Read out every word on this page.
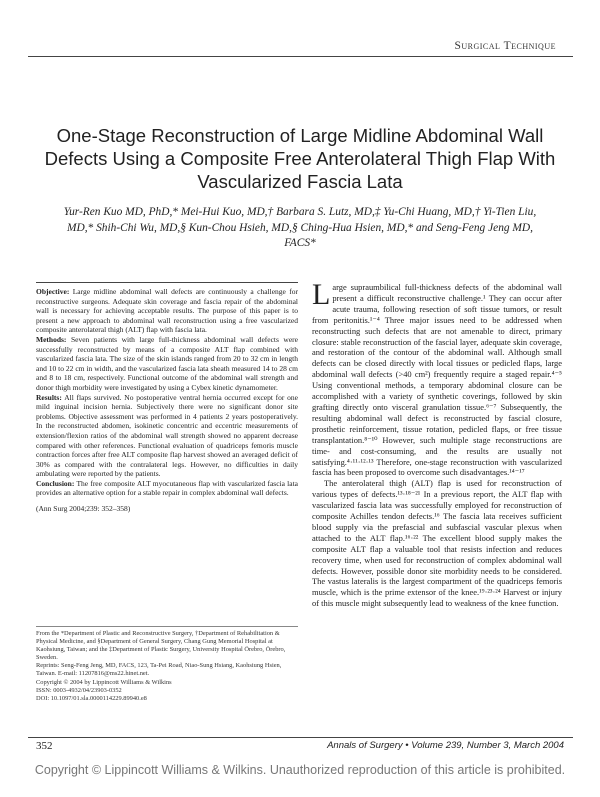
Surgical Technique
One-Stage Reconstruction of Large Midline Abdominal Wall Defects Using a Composite Free Anterolateral Thigh Flap With Vascularized Fascia Lata
Yur-Ren Kuo MD, PhD,* Mei-Hui Kuo, MD,† Barbara S. Lutz, MD,‡ Yu-Chi Huang, MD,† Yi-Tien Liu, MD,* Shih-Chi Wu, MD,§ Kun-Chou Hsieh, MD,§ Ching-Hua Hsien, MD,* and Seng-Feng Jeng MD, FACS*

Objective: Large midline abdominal wall defects are continuously a challenge for reconstructive surgeons. Adequate skin coverage and fascia repair of the abdominal wall is necessary for achieving acceptable results. The purpose of this paper is to present a new approach to abdominal wall reconstruction using a free vascularized composite anterolateral thigh (ALT) flap with fascia lata.

Methods: Seven patients with large full-thickness abdominal wall defects were successfully reconstructed by means of a composite ALT flap combined with vascularized fascia lata. The size of the skin islands ranged from 20 to 32 cm in length and 10 to 22 cm in width, and the vascularized fascia lata sheath measured 14 to 28 cm and 8 to 18 cm, respectively. Functional outcome of the abdominal wall strength and donor thigh morbidity were investigated by using a Cybex kinetic dynamometer.

Results: All flaps survived. No postoperative ventral hernia occurred except for one mild inguinal incision hernia. Subjectively there were no significant donor site problems. Objective assessment was performed in 4 patients 2 years postoperatively. In the reconstructed abdomen, isokinetic concentric and eccentric measurements of extension/flexion ratios of the abdominal wall strength showed no apparent decrease compared with other references. Functional evaluation of quadriceps femoris muscle contraction forces after free ALT composite flap harvest showed an averaged deficit of 30% as compared with the contralateral legs. However, no difficulties in daily ambulating were reported by the patients.

Conclusion: The free composite ALT myocutaneous flap with vascularized fascia lata provides an alternative option for a stable repair in complex abdominal wall defects.

(Ann Surg 2004;239: 352–358)

From the *Department of Plastic and Reconstructive Surgery, †Department of Rehabilitation & Physical Medicine, and §Department of General Surgery, Chang Gung Memorial Hospital at Kaohsiung, Taiwan; and the ‡Department of Plastic Surgery, University Hospital Örebro, Örebro, Sweden.

Reprints: Seng-Feng Jeng, MD, FACS, 123, Ta-Pei Road, Niao-Sung Hsiang, Kaohsiung Hsien, Taiwan. E-mail: 11207816@ms22.hinet.net.

Copyright © 2004 by Lippincott Williams & Wilkins

ISSN: 0003-4932/04/23903-0352

DOI: 10.1097/01.sla.0000114229.89940.e8

Large supraumbilical full-thickness defects of the abdominal wall present a difficult reconstructive challenge.¹ They can occur after acute trauma, following resection of soft tissue tumors, or result from peritonitis.¹⁻⁴ Three major issues need to be addressed when reconstructing such defects that are not amenable to direct, primary closure: stable reconstruction of the fascial layer, adequate skin coverage, and restoration of the contour of the abdominal wall. Although small defects can be closed directly with local tissues or pedicled flaps, large abdominal wall defects (>40 cm²) frequently require a staged repair.⁴⁻⁵ Using conventional methods, a temporary abdominal closure can be accomplished with a variety of synthetic coverings, followed by skin grafting directly onto visceral granulation tissue.⁶⁻⁷ Subsequently, the resulting abdominal wall defect is reconstructed by fascial closure, prosthetic reinforcement, tissue rotation, pedicled flaps, or free tissue transplantation.⁸⁻¹⁰ However, such multiple stage reconstructions are time- and cost-consuming, and the results are usually not satisfying.⁴·¹¹·¹²·¹³ Therefore, one-stage reconstruction with vascularized fascia has been proposed to overcome such disadvantages.¹⁴⁻¹⁷

The anterolateral thigh (ALT) flap is used for reconstruction of various types of defects.¹³·¹⁸⁻²¹ In a previous report, the ALT flap with vascularized fascia lata was successfully employed for reconstruction of composite Achilles tendon defects.¹⁶ The fascia lata receives sufficient blood supply via the prefascial and subfascial vascular plexus when attached to the ALT flap.¹⁶·²² The excellent blood supply makes the composite ALT flap a valuable tool that resists infection and reduces recovery time, when used for reconstruction of complex abdominal wall defects. However, possible donor site morbidity needs to be considered. The vastus lateralis is the largest compartment of the quadriceps femoris muscle, which is the prime extensor of the knee.¹⁹·²³·²⁴ Harvest or injury of this muscle might subsequently lead to weakness of the knee function.

352	Annals of Surgery • Volume 239, Number 3, March 2004
Copyright © Lippincott Williams & Wilkins. Unauthorized reproduction of this article is prohibited.
